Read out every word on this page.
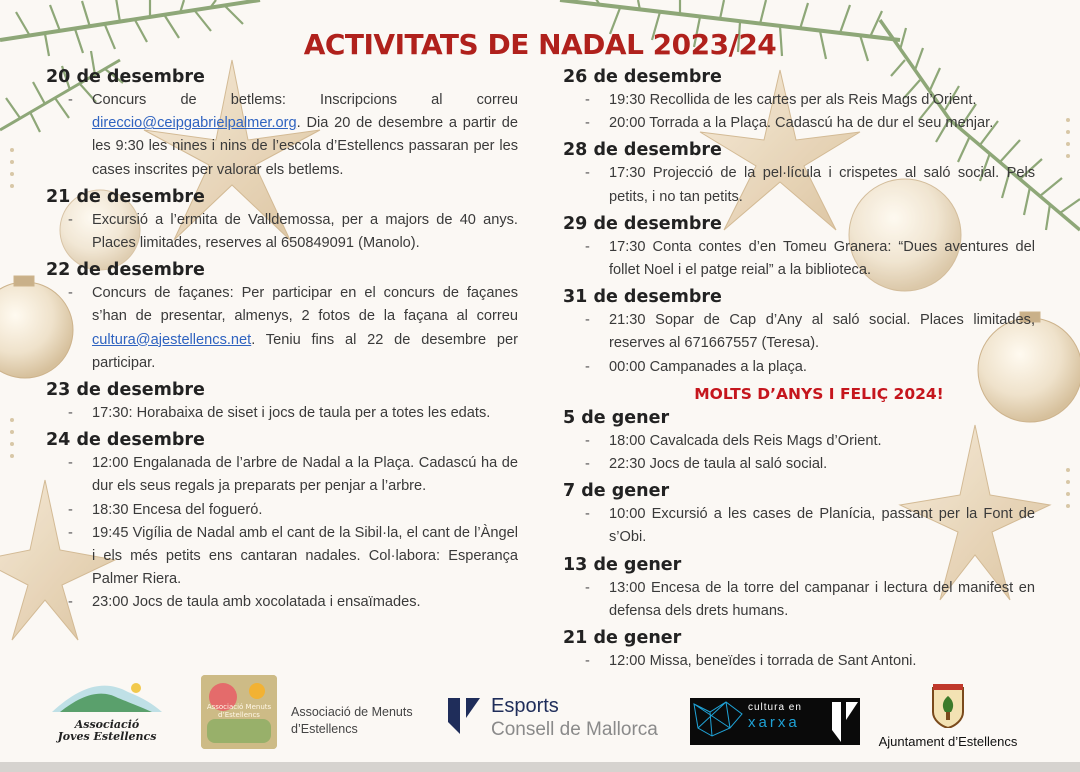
ACTIVITATS DE NADAL 2023/24
20 de desembre
- Concurs de betlems: Inscripcions al correu direccio@ceipgabrielpalmer.org. Dia 20 de desembre a partir de les 9:30 les nines i nins de l’escola d’Estellencs passaran per les cases inscrites per valorar els betlems.
21 de desembre
- Excursió a l’ermita de Valldemossa, per a majors de 40 anys. Places limitades, reserves al 650849091 (Manolo).
22 de desembre
- Concurs de façanes: Per participar en el concurs de façanes s’han de presentar, almenys, 2 fotos de la façana al correu cultura@ajestellencs.net. Teniu fins al 22 de desembre per participar.
23 de desembre
- 17:30: Horabaixa de siset i jocs de taula per a totes les edats.
24 de desembre
- 12:00 Engalanada de l’arbre de Nadal a la Plaça. Cadascú ha de dur els seus regals ja preparats per penjar a l’arbre.
- 18:30 Encesa del foguerό.
- 19:45 Vigília de Nadal amb el cant de la Sibil·la, el cant de l’Àngel i els més petits ens cantaran nadales. Col·labora: Esperança Palmer Riera.
- 23:00 Jocs de taula amb xocolatada i ensaïmades.
26 de desembre
- 19:30 Recollida de les cartes per als Reis Mags d’Orient.
- 20:00 Torrada a la Plaça. Cadascú ha de dur el seu menjar.
28 de desembre
- 17:30 Projecció de la pel·lícula i crispetes al saló social. Pels petits, i no tan petits.
29 de desembre
- 17:30 Conta contes d’en Tomeu Granera: “Dues aventures del follet Noel i el patge reial” a la biblioteca.
31 de desembre
- 21:30 Sopar de Cap d’Any al saló social. Places limitades, reserves al 671667557 (Teresa).
- 00:00 Campanades a la plaça.
MOLTS D’ANYS I FELIÇ 2024!
5 de gener
- 18:00 Cavalcada dels Reis Mags d’Orient.
- 22:30 Jocs de taula al saló social.
7 de gener
- 10:00 Excursió a les cases de Planícia, passant per la Font de s’Obi.
13 de gener
- 13:00 Encesa de la torre del campanar i lectura del manifest en defensa dels drets humans.
21 de gener
- 12:00 Missa, beneïdes i torrada de Sant Antoni.
Associació
Joves Estellencs
Associació Menuts d’Estellencs	Associació de Menuts
d’Estellencs
Esports
Consell de Mallorca
cultura en
xarxa
Ajuntament d’Estellencs
